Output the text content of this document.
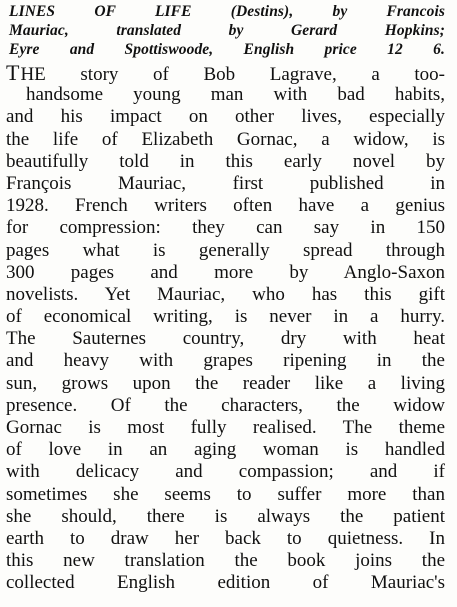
LINES OF LIFE (Destins), by Francois
Mauriac, translated by Gerard Hopkins;
Eyre and Spottiswoode, English price 12 6.
THE story of Bob Lagrave, a too-
handsome young man with bad habits,
and his impact on other lives, especially
the life of Elizabeth Gornac, a widow, is
beautifully told in this early novel by
François Mauriac, first published in
1928. French writers often have a genius
for compression: they can say in 150
pages what is generally spread through
300 pages and more by Anglo-Saxon
novelists. Yet Mauriac, who has this gift
of economical writing, is never in a hurry.
The Sauternes country, dry with heat
and heavy with grapes ripening in the
sun, grows upon the reader like a living
presence. Of the characters, the widow
Gornac is most fully realised. The theme
of love in an aging woman is handled
with delicacy and compassion; and if
sometimes she seems to suffer more than
she should, there is always the patient
earth to draw her back to quietness. In
this new translation the book joins the
collected English edition of Mauriac's
